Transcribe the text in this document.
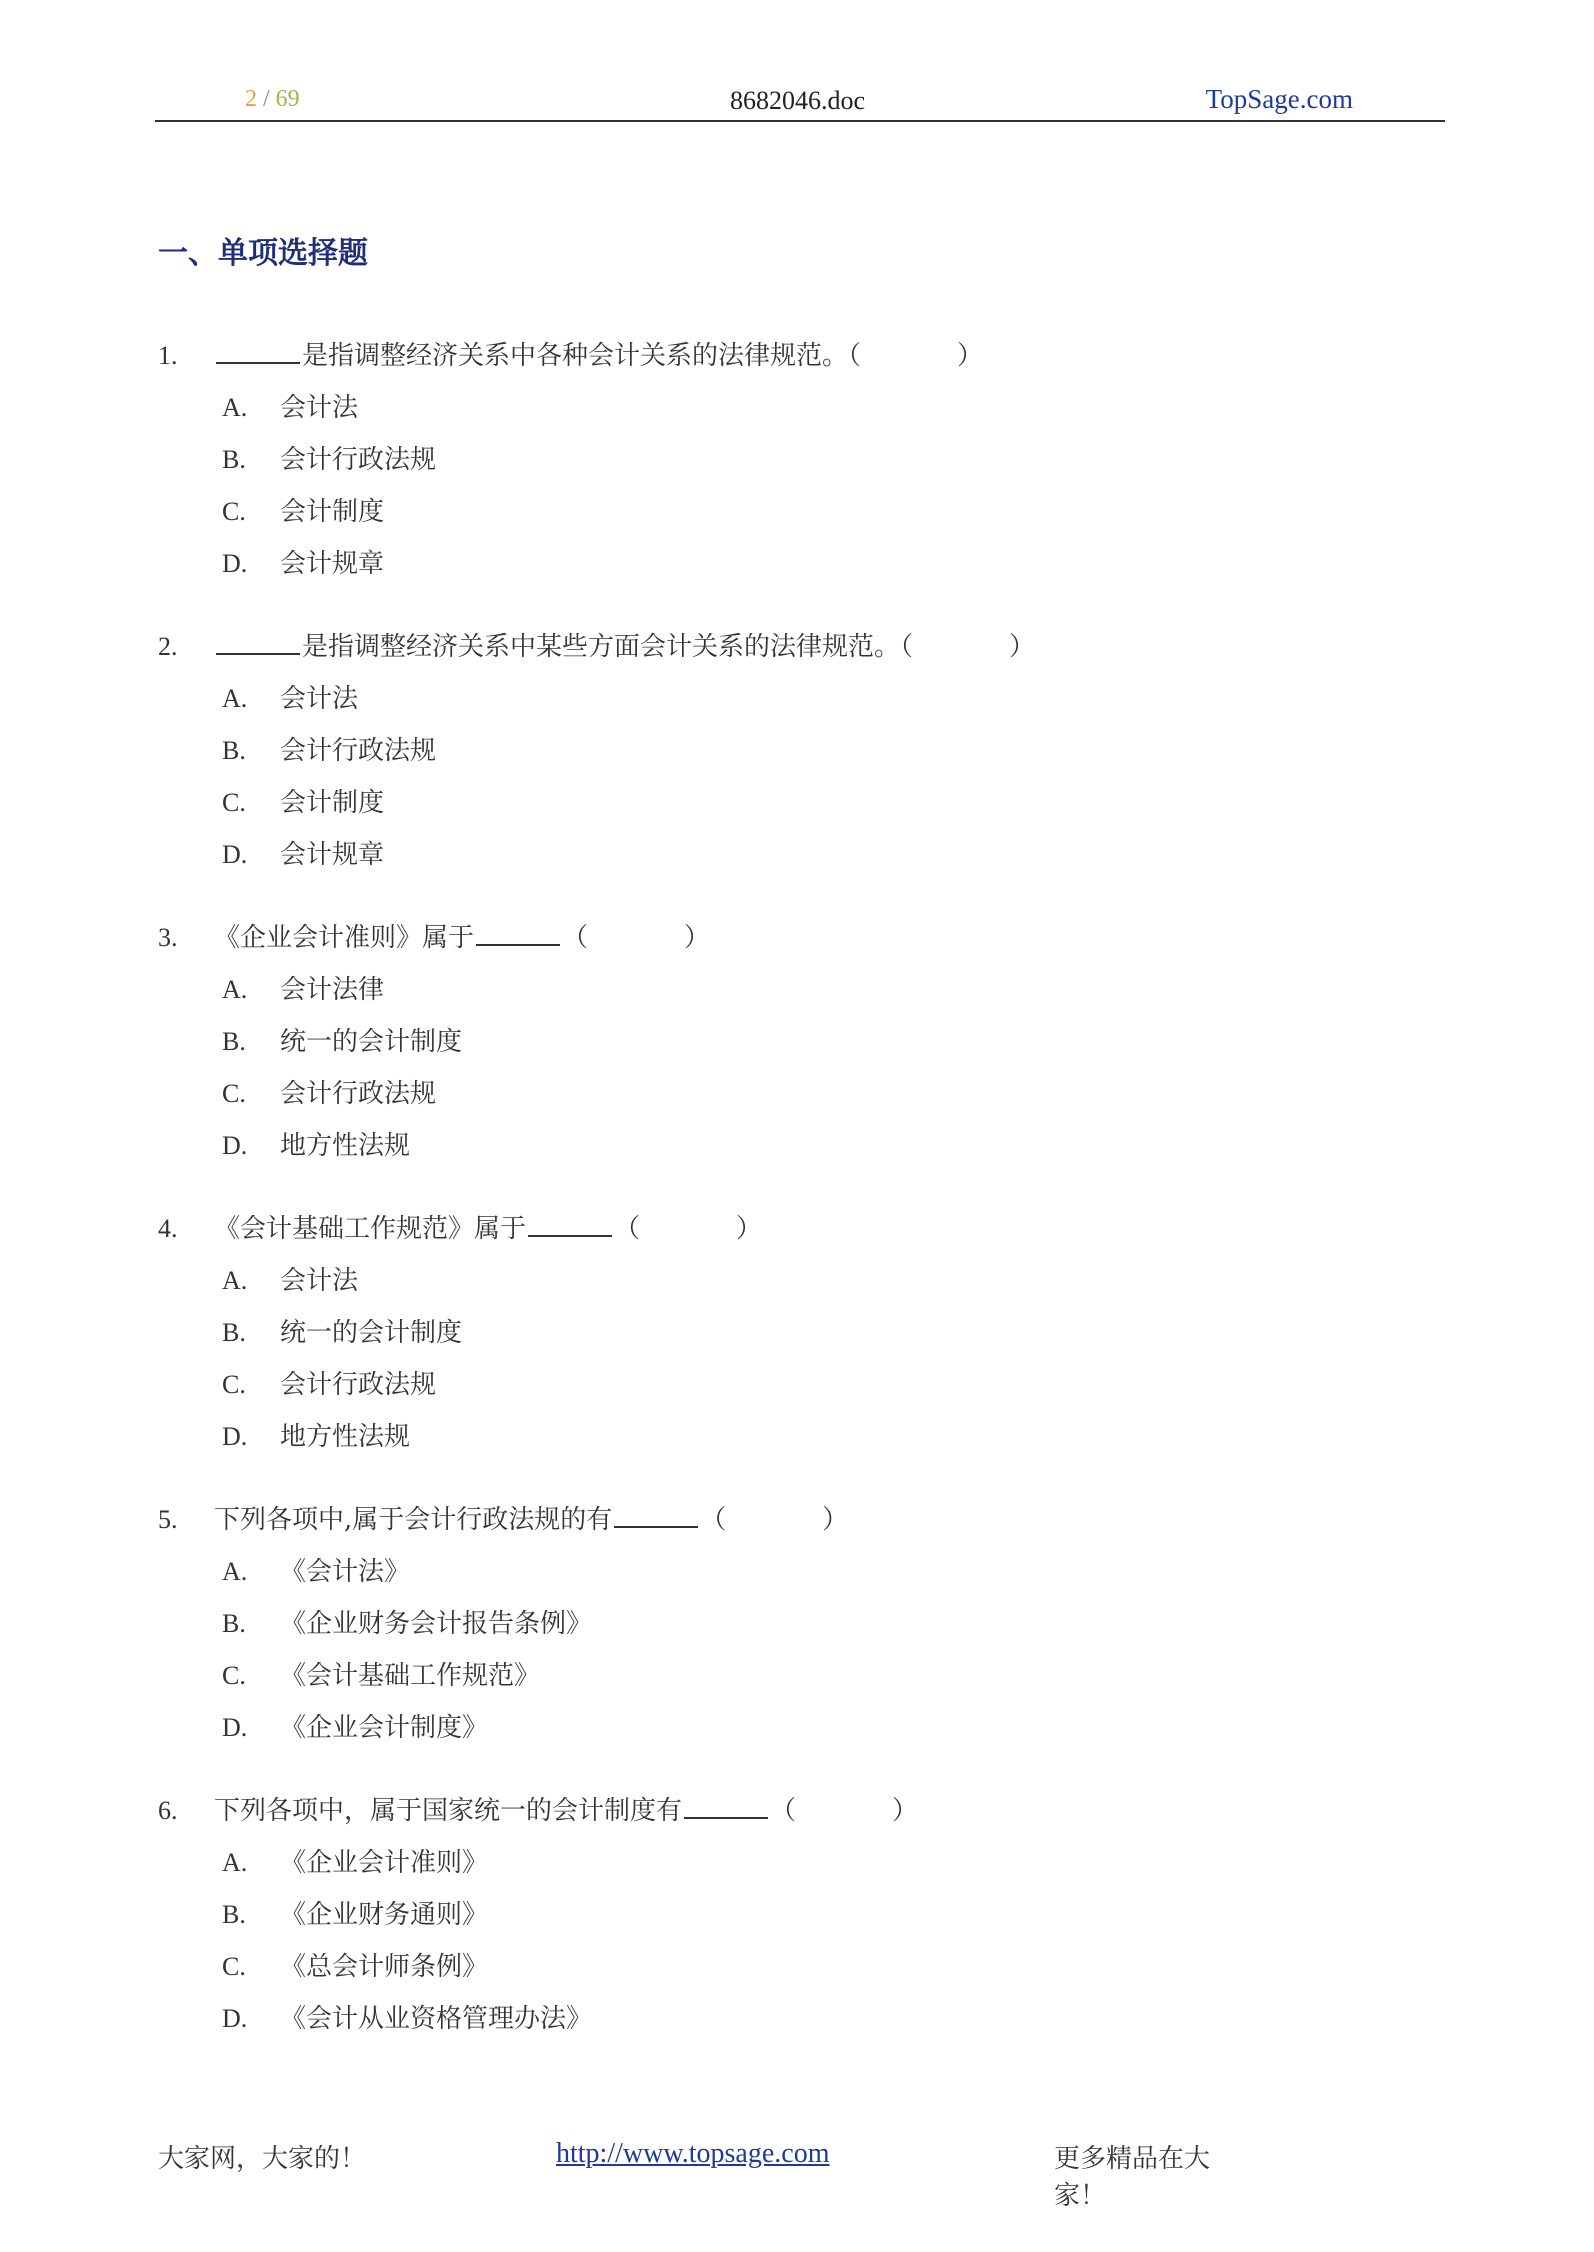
2 / 69	8682046.doc	TopSage.com
一、单项选择题
1.	是指调整经济关系中各种会计关系的法律规范。（	）
A. 会计法
B. 会计行政法规
C. 会计制度
D. 会计规章
2.	是指调整经济关系中某些方面会计关系的法律规范。（	）
A. 会计法
B. 会计行政法规
C. 会计制度
D. 会计规章
3. 《企业会计准则》属于	（	）
A. 会计法律
B. 统一的会计制度
C. 会计行政法规
D. 地方性法规
4. 《会计基础工作规范》属于	（	）
A. 会计法
B. 统一的会计制度
C. 会计行政法规
D. 地方性法规
5. 下列各项中,属于会计行政法规的有	（	）
A. 《会计法》
B. 《企业财务会计报告条例》
C. 《会计基础工作规范》
D. 《企业会计制度》
6. 下列各项中，属于国家统一的会计制度有	（	）
A. 《企业会计准则》
B. 《企业财务通则》
C. 《总会计师条例》
D. 《会计从业资格管理办法》
大家网，大家的！	http://www.topsage.com	更多精品在大家！
